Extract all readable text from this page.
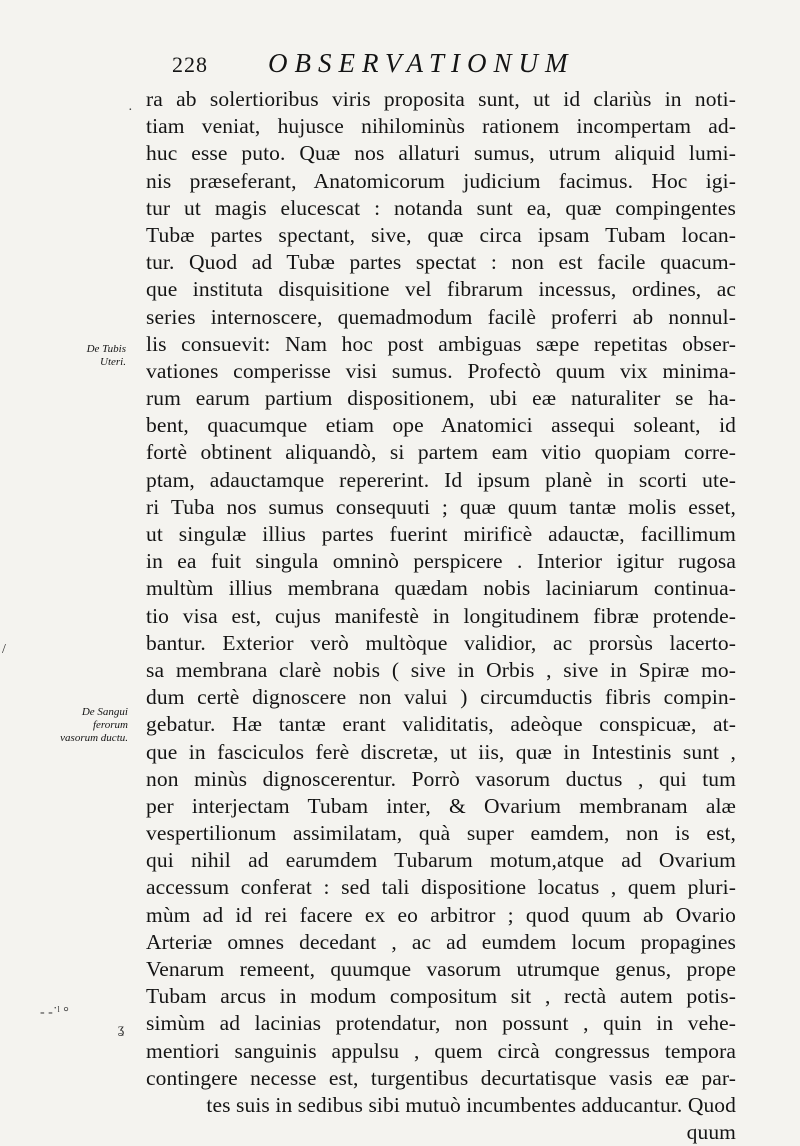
228 OBSERVATIONUM
De Tubis Uteri.
De Sangui ferorum vasorum ductu.
/
- -˙ˡ °
ʓ
· ra ab solertioribus viris proposita sunt, ut id clariùs in noti-
tiam veniat, hujusce nihilominùs rationem incompertam ad-
huc esse puto. Quæ nos allaturi sumus, utrum aliquid lumi-
nis præseferant, Anatomicorum judicium facimus. Hoc igi-
tur ut magis elucescat : notanda sunt ea, quæ compingentes
Tubæ partes spectant, sive, quæ circa ipsam Tubam locan-
tur. Quod ad Tubæ partes spectat : non est facile quacum-
que instituta disquisitione vel fibrarum incessus, ordines, ac
series internoscere, quemadmodum facilè proferri ab nonnul-
lis consuevit: Nam hoc post ambiguas sæpe repetitas obser-
vationes comperisse visi sumus. Profectò quum vix minima-
rum earum partium dispositionem, ubi eæ naturaliter se ha-
bent, quacumque etiam ope Anatomici assequi soleant, id
fortè obtinent aliquandò, si partem eam vitio quopiam corre-
ptam, adauctamque repererint. Id ipsum planè in scorti ute-
ri Tuba nos sumus consequuti ; quæ quum tantæ molis esset,
ut singulæ illius partes fuerint mirificè adauctæ, facillimum
in ea fuit singula omninò perspicere . Interior igitur rugosa
multùm illius membrana quædam nobis laciniarum continua-
tio visa est, cujus manifestè in longitudinem fibræ protende-
bantur. Exterior verò multòque validior, ac prorsùs lacerto-
sa membrana clarè nobis ( sive in Orbis , sive in Spiræ mo-
dum certè dignoscere non valui ) circumductis fibris compin-
gebatur. Hæ tantæ erant validitatis, adeòque conspicuæ, at-
que in fasciculos ferè discretæ, ut iis, quæ in Intestinis sunt ,
non minùs dignoscerentur. Porrò vasorum ductus , qui tum
per interjectam Tubam inter, & Ovarium membranam alæ
vespertilionum assimilatam, quà super eamdem, non is est,
qui nihil ad earumdem Tubarum motum,atque ad Ovarium
accessum conferat : sed tali dispositione locatus , quem pluri-
mùm ad id rei facere ex eo arbitror ; quod quum ab Ovario
Arteriæ omnes decedant , ac ad eumdem locum propagines
Venarum remeent, quumque vasorum utrumque genus, prope
Tubam arcus in modum compositum sit , rectà autem potis-
simùm ad lacinias protendatur, non possunt , quin in vehe-
mentiori sanguinis appulsu , quem circà congressus tempora
contingere necesse est, turgentibus decurtatisque vasis eæ par-
tes suis in sedibus sibi mutuò incumbentes adducantur. Quod
quum
